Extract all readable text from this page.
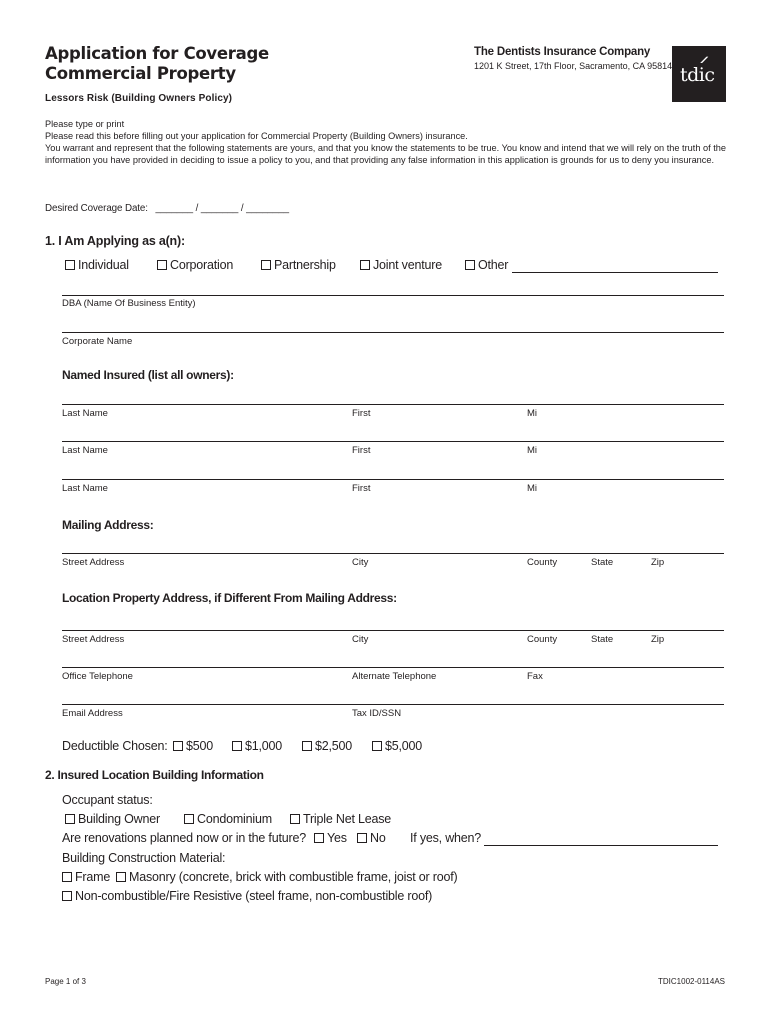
Application for Coverage
Commercial Property
Lessors Risk (Building Owners Policy)
The Dentists Insurance Company
1201 K Street, 17th Floor, Sacramento, CA 95814
∕∕∕
tdic
Please type or print
Please read this before filling out your application for Commercial Property (Building Owners) insurance.
You warrant and represent that the following statements are yours, and that you know the statements to be true. You know and intend that we will rely on the truth of the information you have provided in deciding to issue a policy to you, and that providing any false information in this application is grounds for us to deny you insurance.
Desired Coverage Date: _______ / _______ / ________
1. I Am Applying as a(n):
Individual	Corporation	Partnership	Joint venture	Other
DBA (Name Of Business Entity)
Corporate Name
Named Insured (list all owners):
Last Name	First	Mi
Last Name	First	Mi
Last Name	First	Mi
Mailing Address:
Street Address	City	County	State	Zip
Location Property Address, if Different From Mailing Address:
Street Address	City	County	State	Zip
Office Telephone	Alternate Telephone	Fax
Email Address	Tax ID/SSN
Deductible Chosen:	$500	$1,000	$2,500	$5,000
2. Insured Location Building Information
Occupant status:
Building Owner	Condominium	Triple Net Lease
Are renovations planned now or in the future?	Yes	No If yes, when?
Building Construction Material:
Frame	Masonry (concrete, brick with combustible frame, joist or roof)
Non-combustible/Fire Resistive (steel frame, non-combustible roof)
Page 1 of 3	TDIC1002-0114AS
